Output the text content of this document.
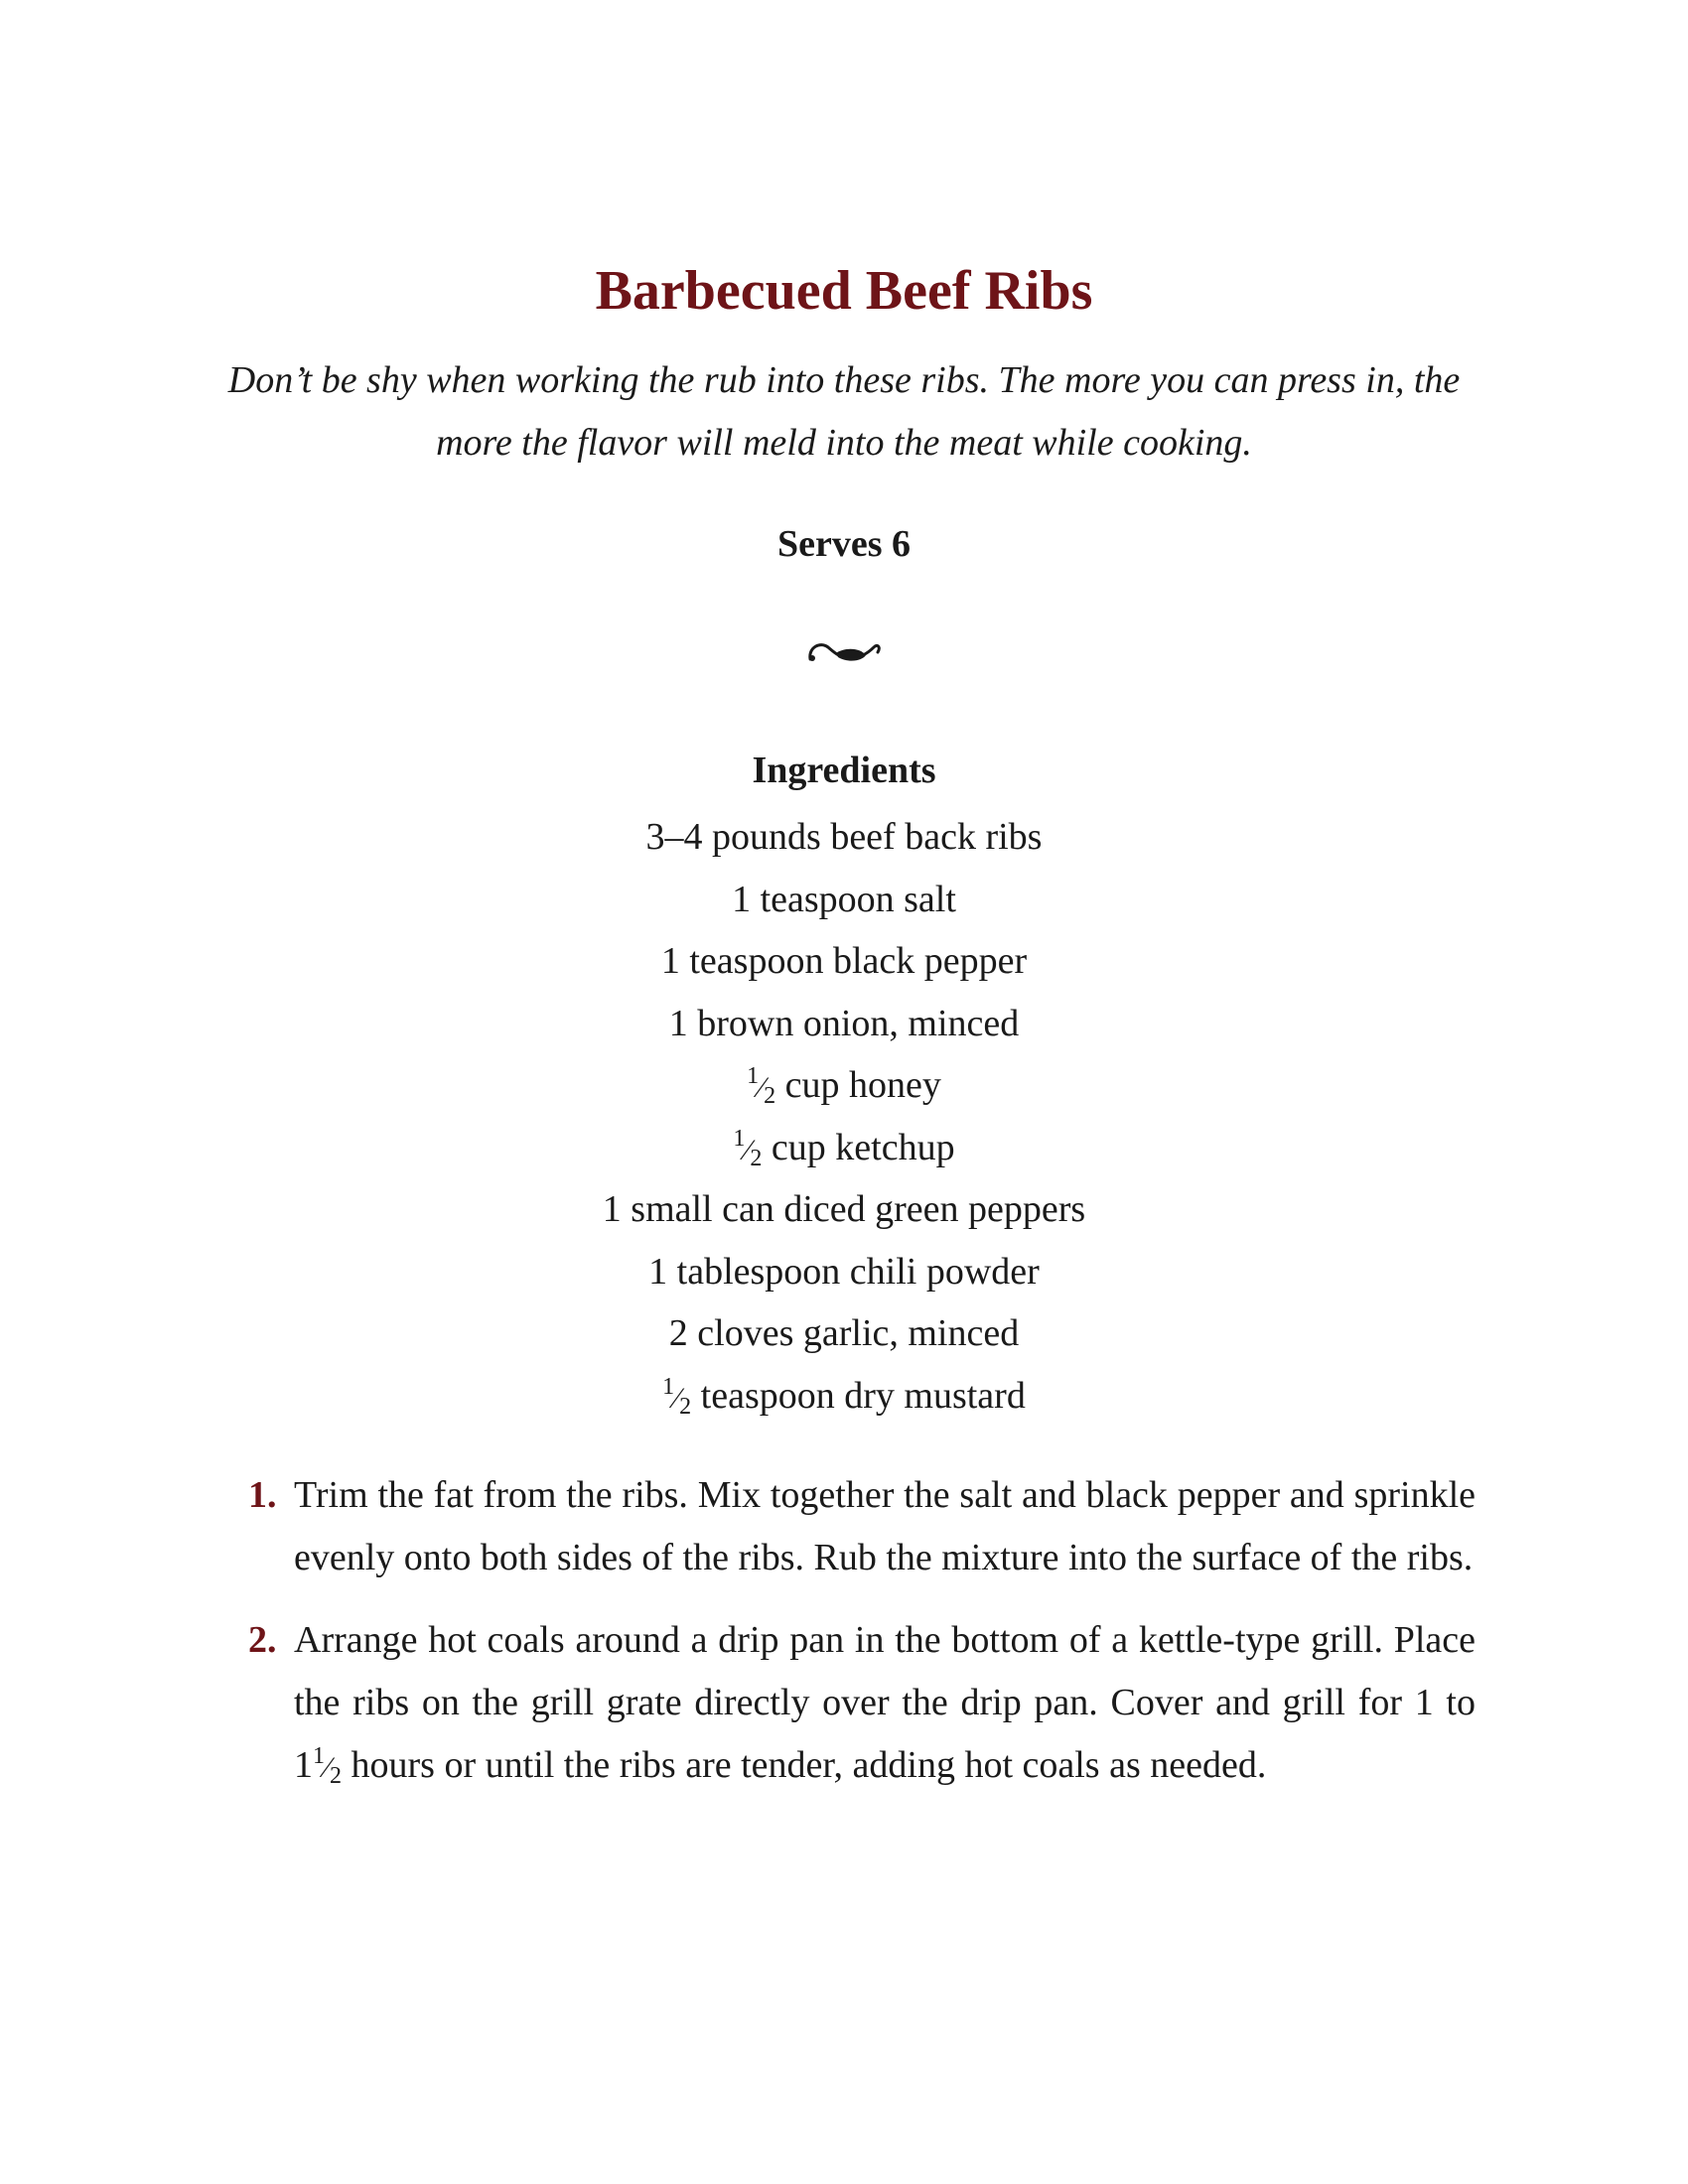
Barbecued Beef Ribs

Don’t be shy when working the rub into these ribs. The more you can press in, the more the flavor will meld into the meat while cooking.

Serves 6

Ingredients
3–4 pounds beef back ribs
1 teaspoon salt
1 teaspoon black pepper
1 brown onion, minced
$^1⁄_2$ cup honey
$^1⁄_2$ cup ketchup
1 small can diced green peppers
1 tablespoon chili powder
2 cloves garlic, minced
$^1⁄_2$ teaspoon dry mustard
1. Trim the fat from the ribs. Mix together the salt and black pepper and sprinkle evenly onto both sides of the ribs. Rub the mixture into the surface of the ribs.
2. Arrange hot coals around a drip pan in the bottom of a kettle-type grill. Place the ribs on the grill grate directly over the drip pan. Cover and grill for 1 to $1^1⁄_2$ hours or until the ribs are tender, adding hot coals as needed.
